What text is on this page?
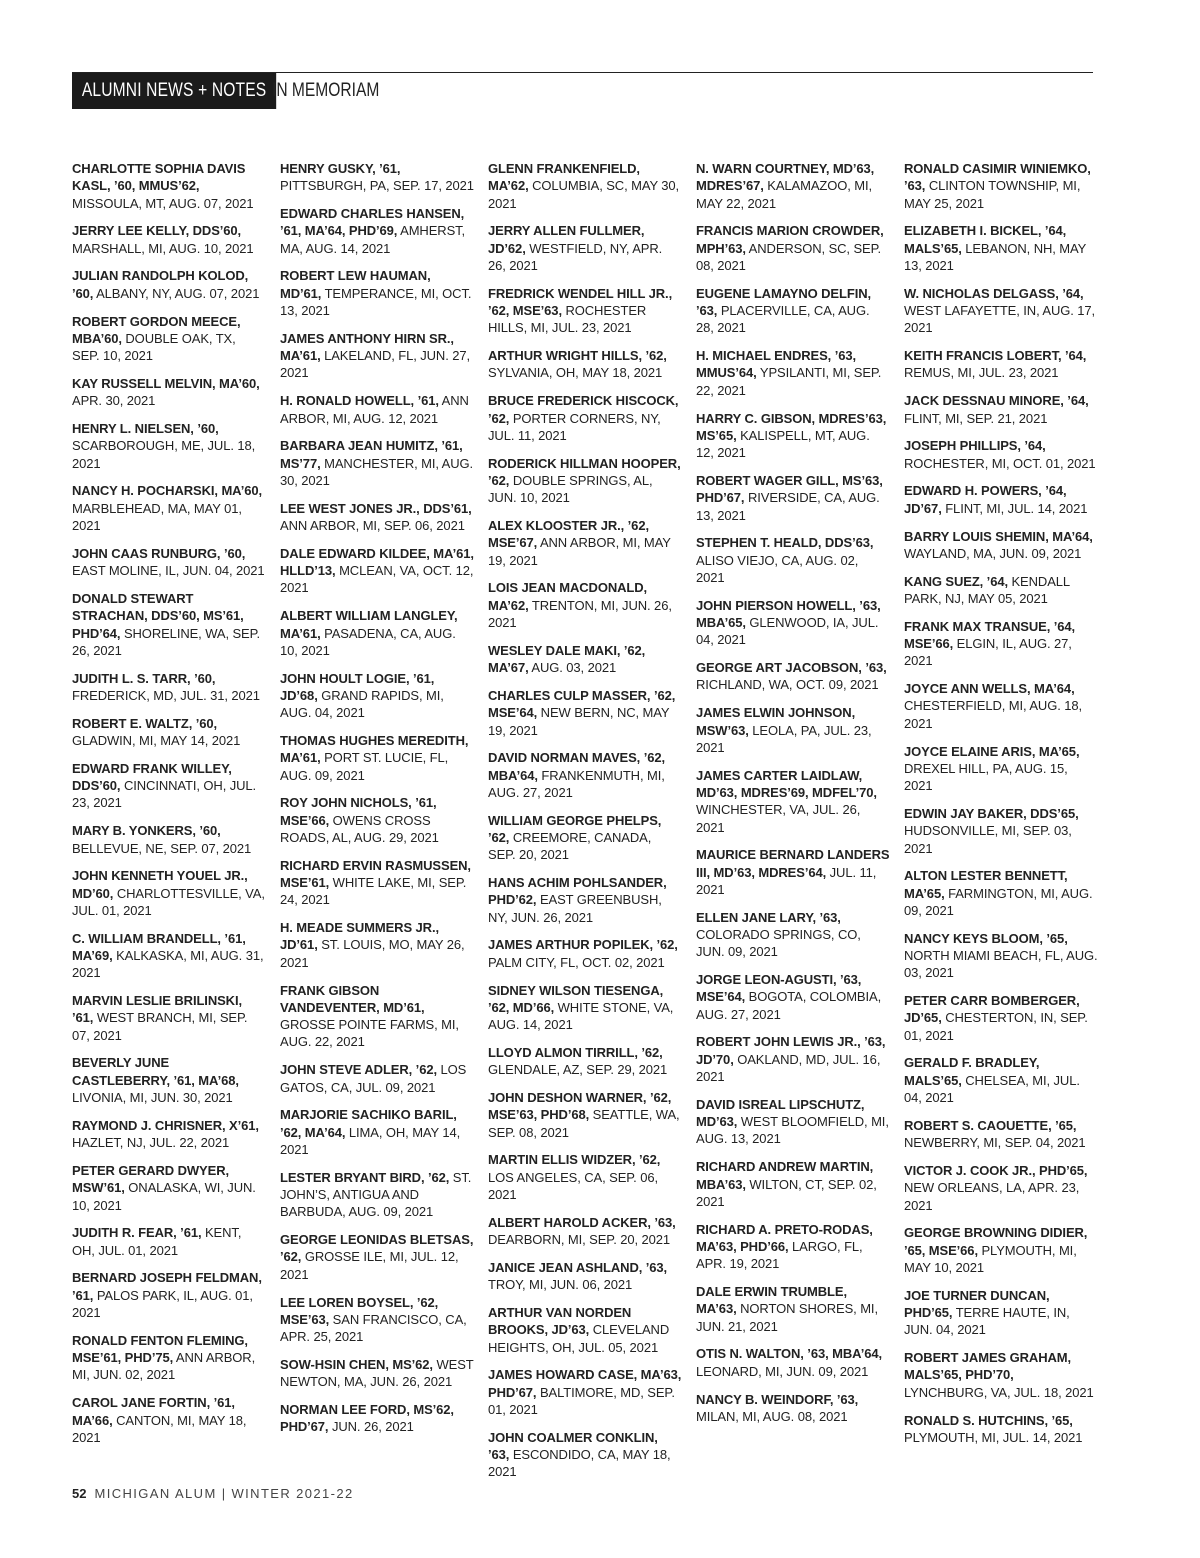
ALUMNI NEWS + NOTES IN MEMORIAM
CHARLOTTE SOPHIA DAVIS KASL, ’60, MMUS’62, MISSOULA, MT, AUG. 07, 2021
JERRY LEE KELLY, DDS’60, MARSHALL, MI, AUG. 10, 2021
JULIAN RANDOLPH KOLOD, ’60, ALBANY, NY, AUG. 07, 2021
ROBERT GORDON MEECE, MBA’60, DOUBLE OAK, TX, SEP. 10, 2021
KAY RUSSELL MELVIN, MA’60, APR. 30, 2021
HENRY L. NIELSEN, ’60, SCARBOROUGH, ME, JUL. 18, 2021
NANCY H. POCHARSKI, MA’60, MARBLEHEAD, MA, MAY 01, 2021
JOHN CAAS RUNBURG, ’60, EAST MOLINE, IL, JUN. 04, 2021
DONALD STEWART STRACHAN, DDS’60, MS’61, PHD’64, SHORELINE, WA, SEP. 26, 2021
JUDITH L. S. TARR, ’60, FREDERICK, MD, JUL. 31, 2021
ROBERT E. WALTZ, ’60, GLADWIN, MI, MAY 14, 2021
EDWARD FRANK WILLEY, DDS’60, CINCINNATI, OH, JUL. 23, 2021
MARY B. YONKERS, ’60, BELLEVUE, NE, SEP. 07, 2021
JOHN KENNETH YOUEL JR., MD’60, CHARLOTTESVILLE, VA, JUL. 01, 2021
C. WILLIAM BRANDELL, ’61, MA’69, KALKASKA, MI, AUG. 31, 2021
MARVIN LESLIE BRILINSKI, ’61, WEST BRANCH, MI, SEP. 07, 2021
BEVERLY JUNE CASTLEBERRY, ’61, MA’68, LIVONIA, MI, JUN. 30, 2021
RAYMOND J. CHRISNER, X’61, HAZLET, NJ, JUL. 22, 2021
PETER GERARD DWYER, MSW’61, ONALASKA, WI, JUN. 10, 2021
JUDITH R. FEAR, ’61, KENT, OH, JUL. 01, 2021
BERNARD JOSEPH FELDMAN, ’61, PALOS PARK, IL, AUG. 01, 2021
RONALD FENTON FLEMING, MSE’61, PHD’75, ANN ARBOR, MI, JUN. 02, 2021
CAROL JANE FORTIN, ’61, MA’66, CANTON, MI, MAY 18, 2021
HENRY GUSKY, ’61, PITTSBURGH, PA, SEP. 17, 2021
EDWARD CHARLES HANSEN, ’61, MA’64, PHD’69, AMHERST, MA, AUG. 14, 2021
ROBERT LEW HAUMAN, MD’61, TEMPERANCE, MI, OCT. 13, 2021
JAMES ANTHONY HIRN SR., MA’61, LAKELAND, FL, JUN. 27, 2021
H. RONALD HOWELL, ’61, ANN ARBOR, MI, AUG. 12, 2021
BARBARA JEAN HUMITZ, ’61, MS’77, MANCHESTER, MI, AUG. 30, 2021
LEE WEST JONES JR., DDS’61, ANN ARBOR, MI, SEP. 06, 2021
DALE EDWARD KILDEE, MA’61, HLLD’13, MCLEAN, VA, OCT. 12, 2021
ALBERT WILLIAM LANGLEY, MA’61, PASADENA, CA, AUG. 10, 2021
JOHN HOULT LOGIE, ’61, JD’68, GRAND RAPIDS, MI, AUG. 04, 2021
THOMAS HUGHES MEREDITH, MA’61, PORT ST. LUCIE, FL, AUG. 09, 2021
ROY JOHN NICHOLS, ’61, MSE’66, OWENS CROSS ROADS, AL, AUG. 29, 2021
RICHARD ERVIN RASMUSSEN, MSE’61, WHITE LAKE, MI, SEP. 24, 2021
H. MEADE SUMMERS JR., JD’61, ST. LOUIS, MO, MAY 26, 2021
FRANK GIBSON VANDEVENTER, MD’61, GROSSE POINTE FARMS, MI, AUG. 22, 2021
JOHN STEVE ADLER, ’62, LOS GATOS, CA, JUL. 09, 2021
MARJORIE SACHIKO BARIL, ’62, MA’64, LIMA, OH, MAY 14, 2021
LESTER BRYANT BIRD, ’62, ST. JOHN’S, ANTIGUA AND BARBUDA, AUG. 09, 2021
GEORGE LEONIDAS BLETSAS, ’62, GROSSE ILE, MI, JUL. 12, 2021
LEE LOREN BOYSEL, ’62, MSE’63, SAN FRANCISCO, CA, APR. 25, 2021
SOW-HSIN CHEN, MS’62, WEST NEWTON, MA, JUN. 26, 2021
NORMAN LEE FORD, MS’62, PHD’67, JUN. 26, 2021
GLENN FRANKENFIELD, MA’62, COLUMBIA, SC, MAY 30, 2021
JERRY ALLEN FULLMER, JD’62, WESTFIELD, NY, APR. 26, 2021
FREDRICK WENDEL HILL JR., ’62, MSE’63, ROCHESTER HILLS, MI, JUL. 23, 2021
ARTHUR WRIGHT HILLS, ’62, SYLVANIA, OH, MAY 18, 2021
BRUCE FREDERICK HISCOCK, ’62, PORTER CORNERS, NY, JUL. 11, 2021
RODERICK HILLMAN HOOPER, ’62, DOUBLE SPRINGS, AL, JUN. 10, 2021
ALEX KLOOSTER JR., ’62, MSE’67, ANN ARBOR, MI, MAY 19, 2021
LOIS JEAN MACDONALD, MA’62, TRENTON, MI, JUN. 26, 2021
WESLEY DALE MAKI, ’62, MA’67, AUG. 03, 2021
CHARLES CULP MASSER, ’62, MSE’64, NEW BERN, NC, MAY 19, 2021
DAVID NORMAN MAVES, ’62, MBA’64, FRANKENMUTH, MI, AUG. 27, 2021
WILLIAM GEORGE PHELPS, ’62, CREEMORE, CANADA, SEP. 20, 2021
HANS ACHIM POHLSANDER, PHD’62, EAST GREENBUSH, NY, JUN. 26, 2021
JAMES ARTHUR POPILEK, ’62, PALM CITY, FL, OCT. 02, 2021
SIDNEY WILSON TIESENGA, ’62, MD’66, WHITE STONE, VA, AUG. 14, 2021
LLOYD ALMON TIRRILL, ’62, GLENDALE, AZ, SEP. 29, 2021
JOHN DESHON WARNER, ’62, MSE’63, PHD’68, SEATTLE, WA, SEP. 08, 2021
MARTIN ELLIS WIDZER, ’62, LOS ANGELES, CA, SEP. 06, 2021
ALBERT HAROLD ACKER, ’63, DEARBORN, MI, SEP. 20, 2021
JANICE JEAN ASHLAND, ’63, TROY, MI, JUN. 06, 2021
ARTHUR VAN NORDEN BROOKS, JD’63, CLEVELAND HEIGHTS, OH, JUL. 05, 2021
JAMES HOWARD CASE, MA’63, PHD’67, BALTIMORE, MD, SEP. 01, 2021
JOHN COALMER CONKLIN, ’63, ESCONDIDO, CA, MAY 18, 2021
N. WARN COURTNEY, MD’63, MDRES’67, KALAMAZOO, MI, MAY 22, 2021
FRANCIS MARION CROWDER, MPH’63, ANDERSON, SC, SEP. 08, 2021
EUGENE LAMAYNO DELFIN, ’63, PLACERVILLE, CA, AUG. 28, 2021
H. MICHAEL ENDRES, ’63, MMUS’64, YPSILANTI, MI, SEP. 22, 2021
HARRY C. GIBSON, MDRES’63, MS’65, KALISPELL, MT, AUG. 12, 2021
ROBERT WAGER GILL, MS’63, PHD’67, RIVERSIDE, CA, AUG. 13, 2021
STEPHEN T. HEALD, DDS’63, ALISO VIEJO, CA, AUG. 02, 2021
JOHN PIERSON HOWELL, ’63, MBA’65, GLENWOOD, IA, JUL. 04, 2021
GEORGE ART JACOBSON, ’63, RICHLAND, WA, OCT. 09, 2021
JAMES ELWIN JOHNSON, MSW’63, LEOLA, PA, JUL. 23, 2021
JAMES CARTER LAIDLAW, MD’63, MDRES’69, MDFEL’70, WINCHESTER, VA, JUL. 26, 2021
MAURICE BERNARD LANDERS III, MD’63, MDRES’64, JUL. 11, 2021
ELLEN JANE LARY, ’63, COLORADO SPRINGS, CO, JUN. 09, 2021
JORGE LEON-AGUSTI, ’63, MSE’64, BOGOTA, COLOMBIA, AUG. 27, 2021
ROBERT JOHN LEWIS JR., ’63, JD’70, OAKLAND, MD, JUL. 16, 2021
DAVID ISREAL LIPSCHUTZ, MD’63, WEST BLOOMFIELD, MI, AUG. 13, 2021
RICHARD ANDREW MARTIN, MBA’63, WILTON, CT, SEP. 02, 2021
RICHARD A. PRETO-RODAS, MA’63, PHD’66, LARGO, FL, APR. 19, 2021
DALE ERWIN TRUMBLE, MA’63, NORTON SHORES, MI, JUN. 21, 2021
OTIS N. WALTON, ’63, MBA’64, LEONARD, MI, JUN. 09, 2021
NANCY B. WEINDORF, ’63, MILAN, MI, AUG. 08, 2021
RONALD CASIMIR WINIEMKO, ’63, CLINTON TOWNSHIP, MI, MAY 25, 2021
ELIZABETH I. BICKEL, ’64, MALS’65, LEBANON, NH, MAY 13, 2021
W. NICHOLAS DELGASS, ’64, WEST LAFAYETTE, IN, AUG. 17, 2021
KEITH FRANCIS LOBERT, ’64, REMUS, MI, JUL. 23, 2021
JACK DESSNAU MINORE, ’64, FLINT, MI, SEP. 21, 2021
JOSEPH PHILLIPS, ’64, ROCHESTER, MI, OCT. 01, 2021
EDWARD H. POWERS, ’64, JD’67, FLINT, MI, JUL. 14, 2021
BARRY LOUIS SHEMIN, MA’64, WAYLAND, MA, JUN. 09, 2021
KANG SUEZ, ’64, KENDALL PARK, NJ, MAY 05, 2021
FRANK MAX TRANSUE, ’64, MSE’66, ELGIN, IL, AUG. 27, 2021
JOYCE ANN WELLS, MA’64, CHESTERFIELD, MI, AUG. 18, 2021
JOYCE ELAINE ARIS, MA’65, DREXEL HILL, PA, AUG. 15, 2021
EDWIN JAY BAKER, DDS’65, HUDSONVILLE, MI, SEP. 03, 2021
ALTON LESTER BENNETT, MA’65, FARMINGTON, MI, AUG. 09, 2021
NANCY KEYS BLOOM, ’65, NORTH MIAMI BEACH, FL, AUG. 03, 2021
PETER CARR BOMBERGER, JD’65, CHESTERTON, IN, SEP. 01, 2021
GERALD F. BRADLEY, MALS’65, CHELSEA, MI, JUL. 04, 2021
ROBERT S. CAOUETTE, ’65, NEWBERRY, MI, SEP. 04, 2021
VICTOR J. COOK JR., PHD’65, NEW ORLEANS, LA, APR. 23, 2021
GEORGE BROWNING DIDIER, ’65, MSE’66, PLYMOUTH, MI, MAY 10, 2021
JOE TURNER DUNCAN, PHD’65, TERRE HAUTE, IN, JUN. 04, 2021
ROBERT JAMES GRAHAM, MALS’65, PHD’70, LYNCHBURG, VA, JUL. 18, 2021
RONALD S. HUTCHINS, ’65, PLYMOUTH, MI, JUL. 14, 2021
52 MICHIGAN ALUM | WINTER 2021-22
